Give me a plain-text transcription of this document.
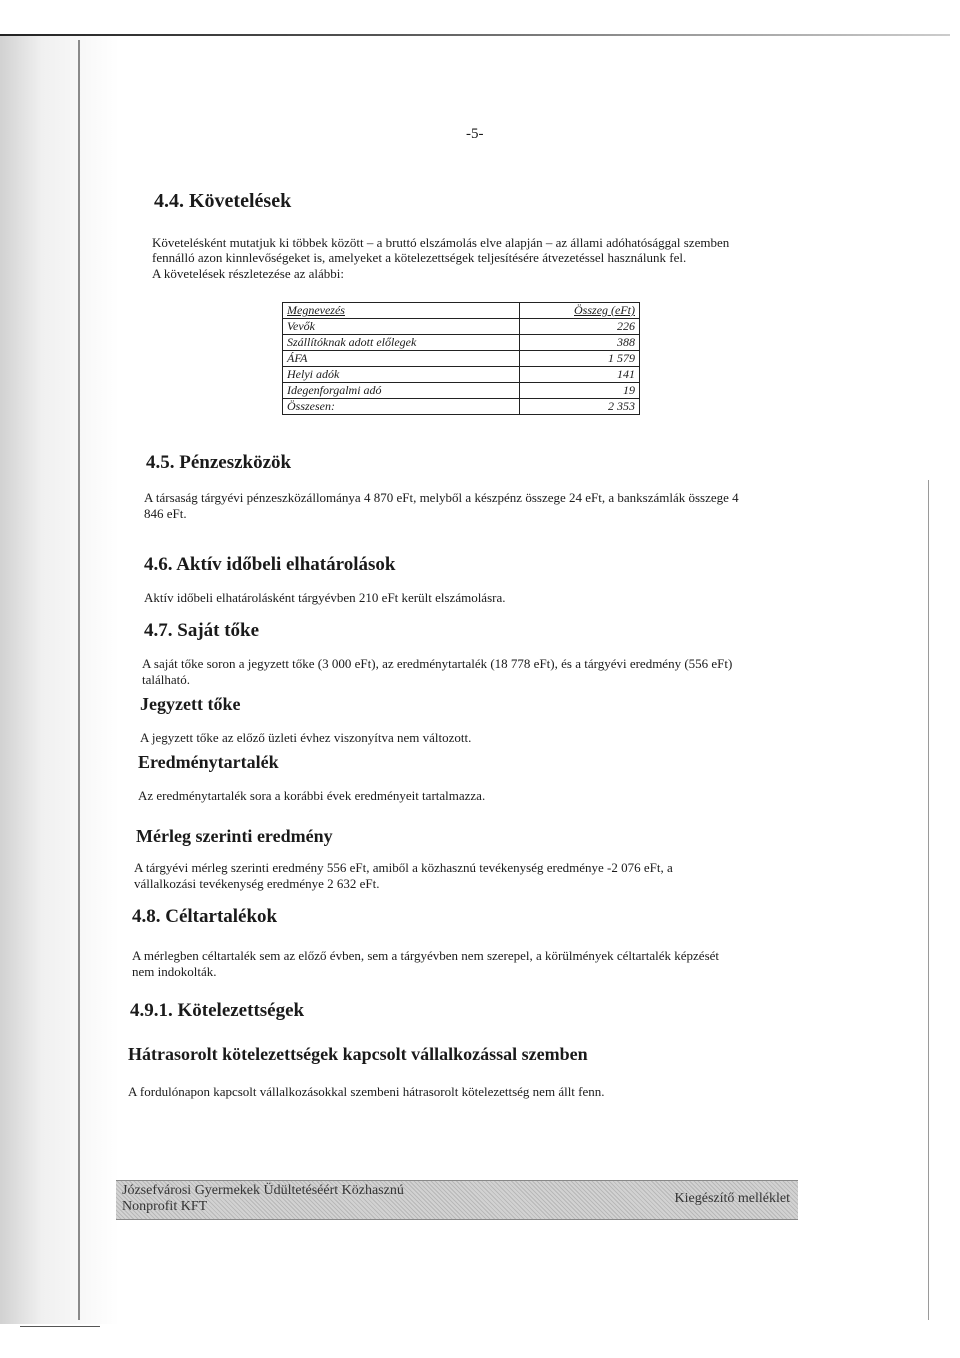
-5-
4.4. Követelések

Követelésként mutatjuk ki többek között – a bruttó elszámolás elve alapján – az állami adóhatósággal szemben

fennálló azon kinnlevőségeket is, amelyeket a kötelezettségek teljesítésére átvezetéssel használunk fel.

A követelések részletezése az alábbi:

Megnevezés	Összeg (eFt)
Vevők	226
Szállítóknak adott előlegek	388
ÁFA	1 579
Helyi adók	141
Idegenforgalmi adó	19
Összesen:	2 353
4.5. Pénzeszközök

A társaság tárgyévi pénzeszközállománya 4 870 eFt, melyből a készpénz összege 24 eFt, a bankszámlák összege 4

846 eFt.

4.6. Aktív időbeli elhatárolások

Aktív időbeli elhatárolásként tárgyévben 210 eFt került elszámolásra.

4.7. Saját tőke

A saját tőke soron a jegyzett tőke (3 000 eFt), az eredménytartalék (18 778 eFt), és a tárgyévi eredmény (556 eFt)

található.

Jegyzett tőke

A jegyzett tőke az előző üzleti évhez viszonyítva nem változott.

Eredménytartalék

Az eredménytartalék sora a korábbi évek eredményeit tartalmazza.

Mérleg szerinti eredmény

A tárgyévi mérleg szerinti eredmény 556 eFt, amiből a közhasznú tevékenység eredménye -2 076 eFt, a

vállalkozási tevékenység eredménye 2 632 eFt.

4.8. Céltartalékok

A mérlegben céltartalék sem az előző évben, sem a tárgyévben nem szerepel, a körülmények céltartalék képzését

nem indokolták.

4.9.1. Kötelezettségek
Hátrasorolt kötelezettségek kapcsolt vállalkozással szemben

A fordulónapon kapcsolt vállalkozásokkal szembeni hátrasorolt kötelezettség nem állt fenn.

Józsefvárosi Gyermekek Üdültetéséért Közhasznú
Nonprofit KFT
Kiegészítő melléklet
